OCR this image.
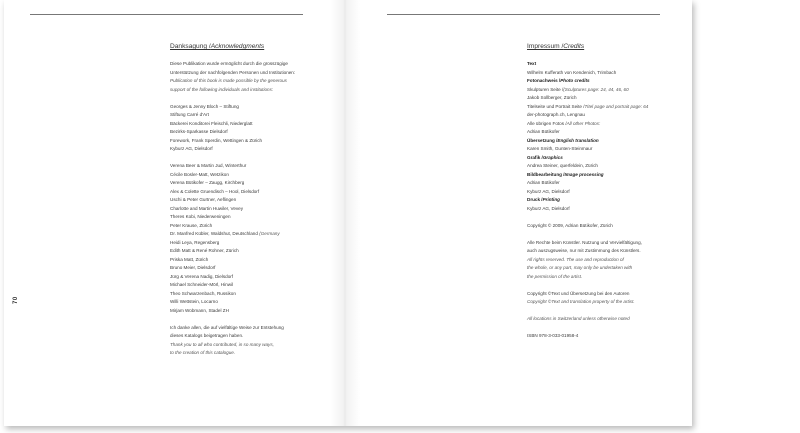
70
Danksagung /Acknowledgments
Diese Publikation wurde ermöglicht durch die grosszügige
Unterstützung der nachfolgenden Personen und Institutionen:
Publication of this book is made possible by the generous
support of the following individuals and institutions:
Georges & Jenny Bloch – Stiftung
Stiftung Carré d'Art
Bäckerei Konditorei Fleischli, Niederglatt
Bezirks-Sparkasse Dielsdorf
Forework, Frank Sperdin, Wettingen & Zürich
Kyburz AG, Dielsdorf
Verena Beer & Martin Jud, Winterthur
Cécile Bosler-Matt, Wetzikon
Verena Bütikofer – Zaugg, Kirchberg
Alex & Colette Gruendisch – Hool, Dielsdorf
Uschi & Peter Gurtner, Aeflingen
Charlotte and Martin Huwiler, Vevey
Theres Kobi, Niederweningen
Peter Krause, Zürich
Dr. Manfred Kübler, Waldshut, Deutschland (Germany
Heidi Leya, Regensberg
Edith Matt & René Rohner, Zürich
Priska Matt, Zürich
Bruno Meier, Dielsdorf
Jürg & Verena Nadig, Dielsdorf
Michael Schneider-Mörl, Hinwil
Theo Schwarzenbach, Russikon
Willi Wettstein, Locarno
Mirjam Wobmann, Stadel ZH
Ich danke allen, die auf vielfältige Weise zur Entstehung
dieses Katalogs beigetragen haben.
Thank you to all who contributed, in so many ways,
to the creation of this catalogue.
Impressum /Credits
Text
Wilhelm Kufferath von Kendenich, Trimbach
Fotonachweis /Photo credits
Skulpturen Seite /(Sculptures page: 24, 44, 46, 60
Jakob Sollberger, Zürich
Titelseite und Portrait Seite /Titel page and portrait page: 64
der-photograph.ch, Lengnau
Alle übrigen Fotos /All other Photos:
Adrian Bütikofer
Übersetzung /English translation
Karen Smith, Gunten-Steinmaur
Grafik /Graphics
Andrea Steiner, querfeldein, Zürich
Bildbearbeitung /Image processing
Adrian Bütikofer
Kyburz AG, Dielsdorf
Druck /Printing
Kyburz AG, Dielsdorf
Copyright © 2009, Adrian Bütikofer, Zürich
Alle Rechte beim Künstler. Nutzung und Vervielfältigung,
auch auszugsweise, nur mit Zustimmung des Künstlers.
All rights reserved. The use and reproduction of
the whole, or any part, may only be undertaken with
the permission of the artist.
Copyright ©Text und Übersetzung bei den Autoren
Copyright ©Text and translation property of the artist.
All locations in Switzerland unless otherwise noted
ISBN 978-3-033-01958-4
